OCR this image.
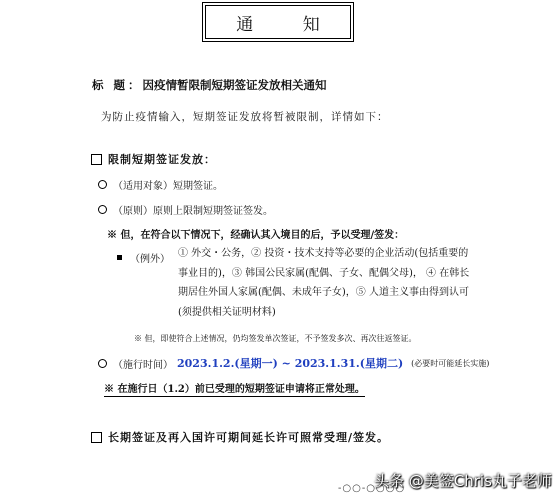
通 知
标 题：因疫情暂限制短期签证发放相关通知
为防止疫情输入，短期签证发放将暂被限制，详情如下：
限制短期签证发放：
（适用对象）短期签证。
（原则）原则上限制短期签证签发。
※ 但，在符合以下情况下，经确认其入境目的后，予以受理/签发：
（例外）
① 外交・公务，② 投资・技术支持等必要的企业活动(包括重要的事业目的)，③ 韩国公民家属(配偶、子女、配偶父母)， ④ 在韩长期居住外国人家属(配偶、未成年子女)，⑤ 人道主义事由得到认可(须提供相关证明材料)
※ 但，即使符合上述情况，仍均签发单次签证，不予签发多次、再次往返签证。
（施行时间） 2023.1.2.(星期一) ~ 2023.1.31.(星期二) (必要时可能延长实施)
※ 在施行日（1.2）前已受理的短期签证申请将正常处理。
长期签证及再入国许可期间延长许可照常受理/签发。
-○○-○○○○
头条 @美签Chris丸子老师
